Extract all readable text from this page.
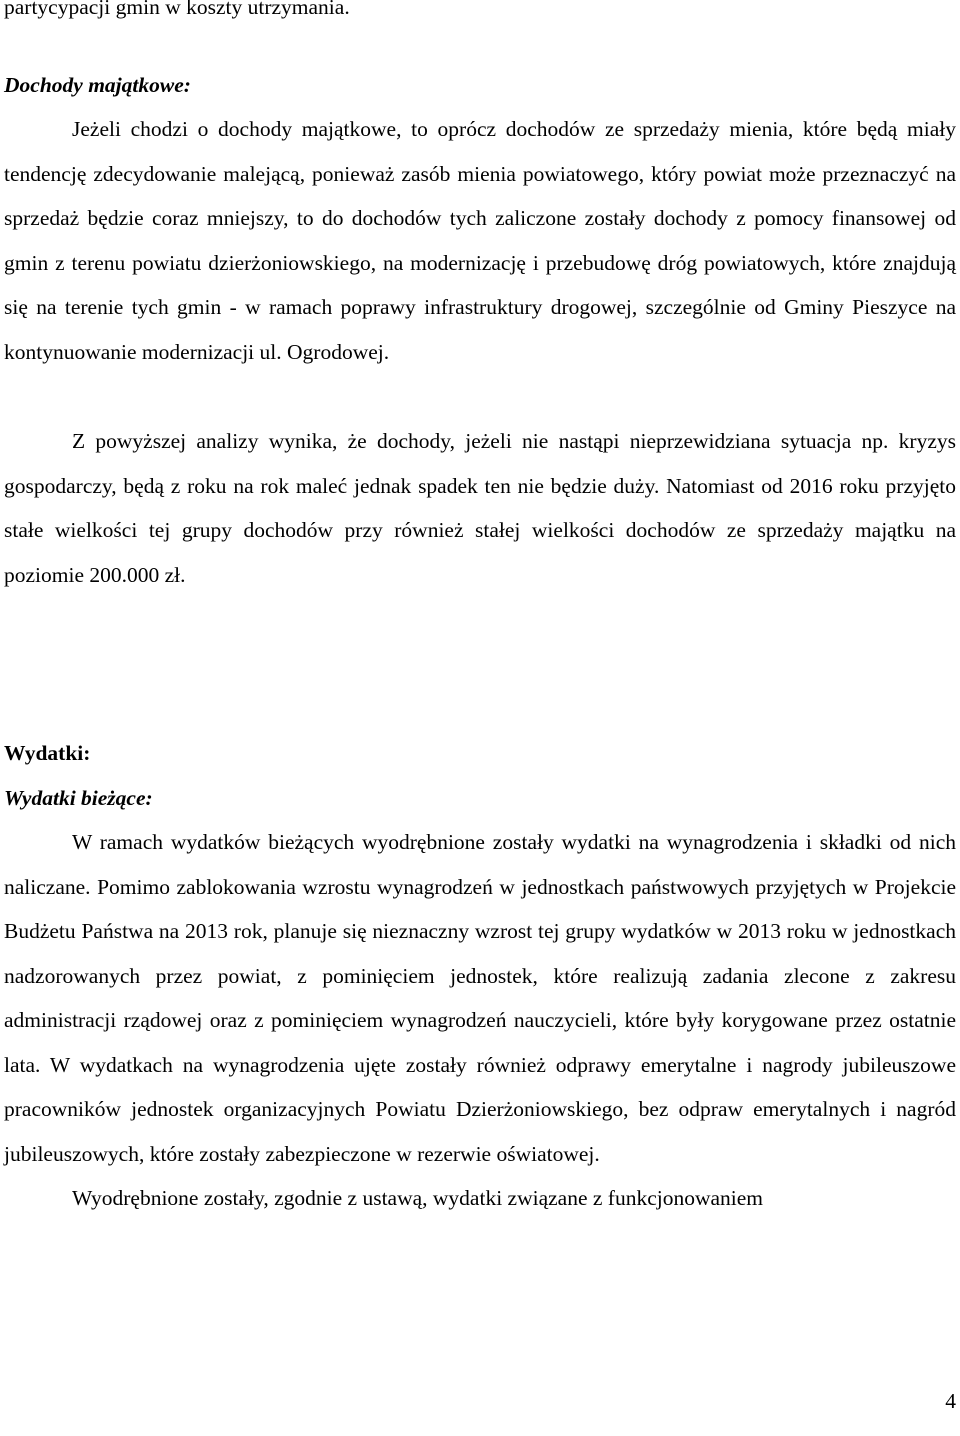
partycypacji gmin w koszty utrzymania.

Dochody majątkowe:

Jeżeli chodzi o dochody majątkowe, to oprócz dochodów ze sprzedaży mienia, które będą miały tendencję zdecydowanie malejącą, ponieważ zasób mienia powiatowego, który powiat może przeznaczyć na sprzedaż będzie coraz mniejszy, to do dochodów tych zaliczone zostały dochody z pomocy finansowej od gmin z terenu powiatu dzierżoniowskiego, na modernizację i przebudowę dróg powiatowych, które znajdują się na terenie tych gmin - w ramach poprawy infrastruktury drogowej, szczególnie od Gminy Pieszyce na kontynuowanie modernizacji ul. Ogrodowej.

Z powyższej analizy wynika, że dochody, jeżeli nie nastąpi nieprzewidziana sytuacja np. kryzys gospodarczy, będą z roku na rok maleć jednak spadek ten nie będzie duży. Natomiast od 2016 roku przyjęto stałe wielkości tej grupy dochodów przy również stałej wielkości dochodów ze sprzedaży majątku na poziomie 200.000 zł.

Wydatki:

Wydatki bieżące:

W ramach wydatków bieżących wyodrębnione zostały wydatki na wynagrodzenia i składki od nich naliczane. Pomimo zablokowania wzrostu wynagrodzeń w jednostkach państwowych przyjętych w Projekcie Budżetu Państwa na 2013 rok, planuje się nieznaczny wzrost tej grupy wydatków w 2013 roku w jednostkach nadzorowanych przez powiat, z pominięciem jednostek, które realizują zadania zlecone z zakresu administracji rządowej oraz z pominięciem wynagrodzeń nauczycieli, które były korygowane przez ostatnie lata. W wydatkach na wynagrodzenia ujęte zostały również odprawy emerytalne i nagrody jubileuszowe pracowników jednostek organizacyjnych Powiatu Dzierżoniowskiego, bez odpraw emerytalnych i nagród jubileuszowych, które zostały zabezpieczone w rezerwie oświatowej.

Wyodrębnione zostały, zgodnie z ustawą, wydatki związane z funkcjonowaniem

4
